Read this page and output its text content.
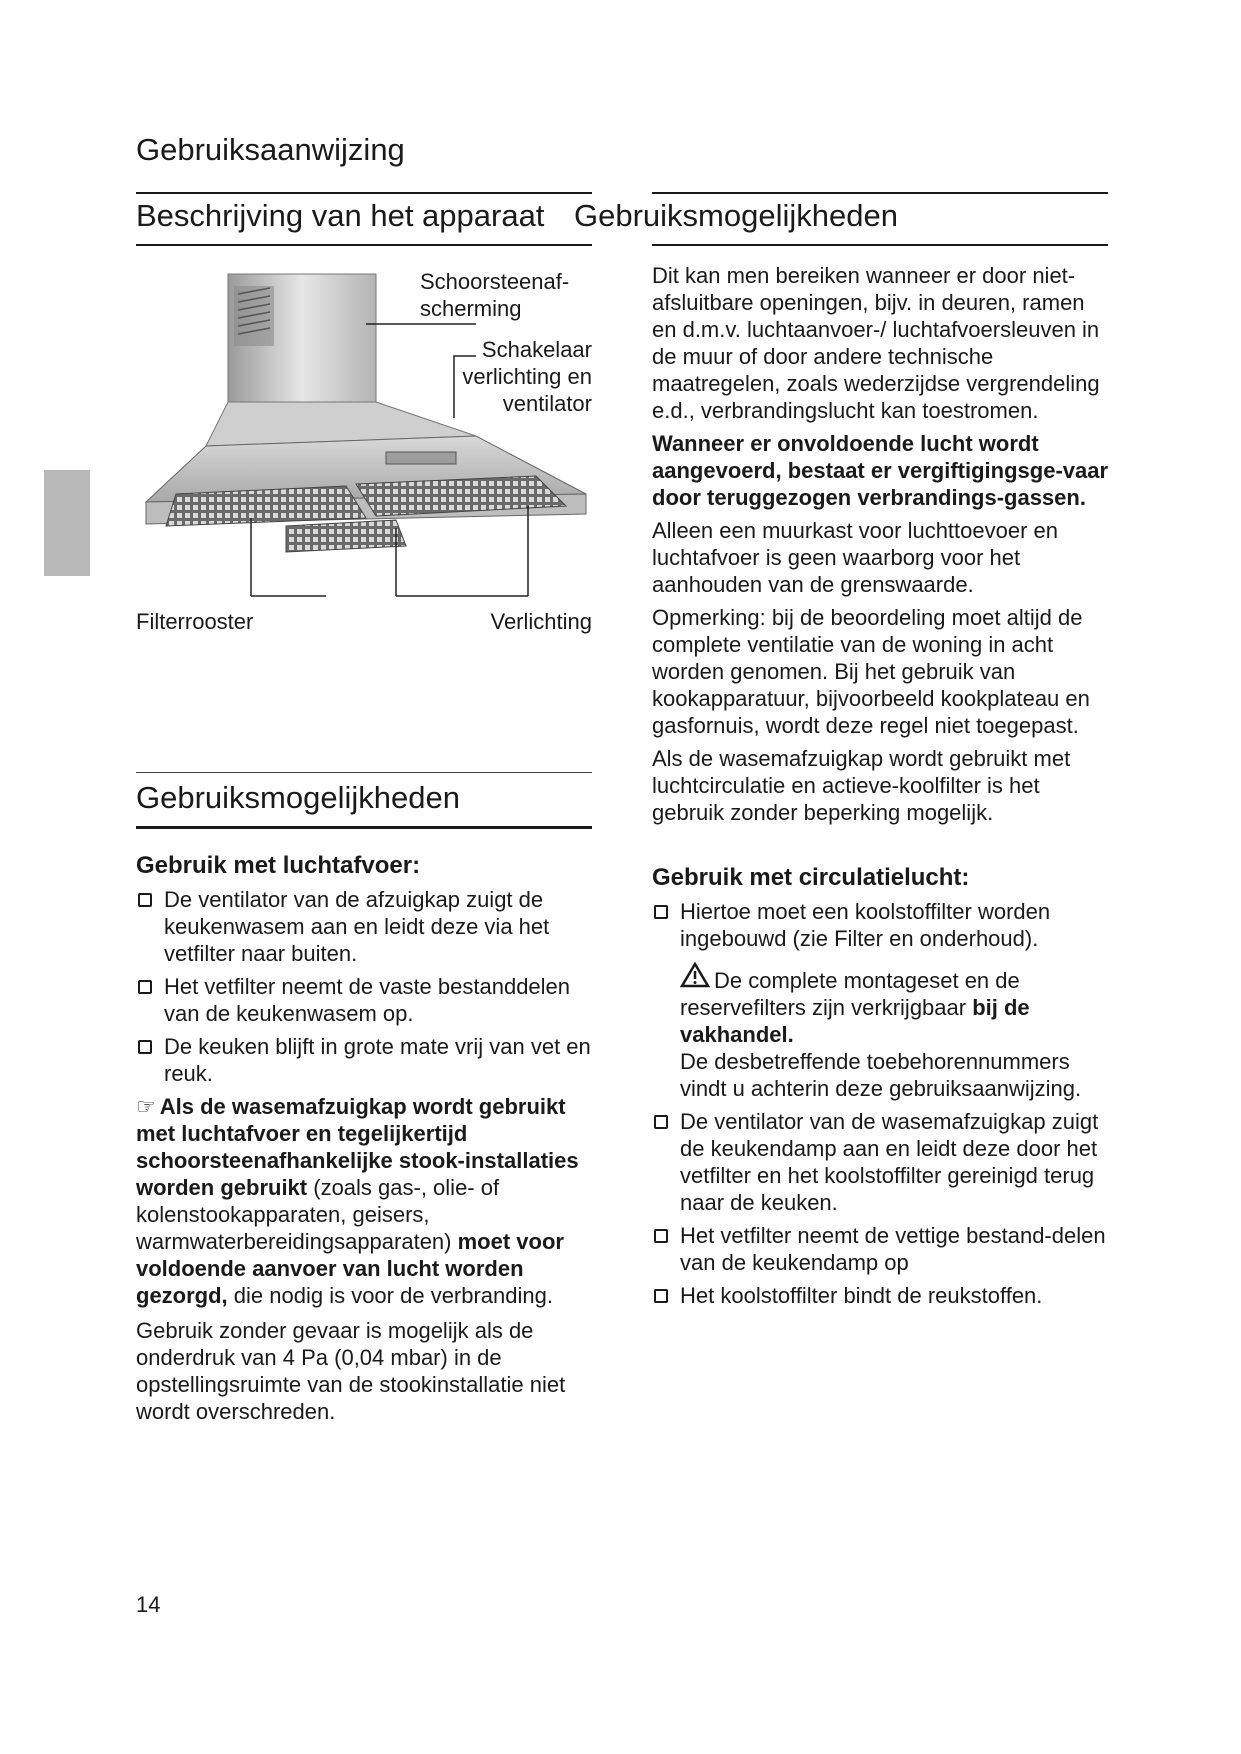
Gebruiksaanwijzing
Beschrijving van het apparaat Gebruiksmogelijkheden
Schoorsteenaf-
scherming
Schakelaar
verlichting en
ventilator
Filterrooster	Verlichting
Gebruiksmogelijkheden
Gebruik met luchtafvoer:
De ventilator van de afzuigkap zuigt de keukenwasem aan en leidt deze via het vetfilter naar buiten.
Het vetfilter neemt de vaste bestanddelen van de keukenwasem op.
De keuken blijft in grote mate vrij van vet en reuk.

☞ Als de wasemafzuigkap wordt gebruikt met luchtafvoer en tegelijkertijd schoorsteenafhankelijke stook-installaties worden gebruikt (zoals gas-, olie- of kolenstookapparaten, geisers, warmwaterbereidingsapparaten) moet voor voldoende aanvoer van lucht worden gezorgd, die nodig is voor de verbranding.

Gebruik zonder gevaar is mogelijk als de onderdruk van 4 Pa (0,04 mbar) in de opstellingsruimte van de stookinstallatie niet wordt overschreden.

Dit kan men bereiken wanneer er door niet-afsluitbare openingen, bijv. in deuren, ramen en d.m.v. luchtaanvoer-/ luchtafvoersleuven in de muur of door andere technische maatregelen, zoals wederzijdse vergrendeling e.d., verbrandingslucht kan toestromen.

Wanneer er onvoldoende lucht wordt aangevoerd, bestaat er vergiftigingsge-vaar door teruggezogen verbrandings-gassen.

Alleen een muurkast voor luchttoevoer en luchtafvoer is geen waarborg voor het aanhouden van de grenswaarde.

Opmerking: bij de beoordeling moet altijd de complete ventilatie van de woning in acht worden genomen. Bij het gebruik van kookapparatuur, bijvoorbeeld kookplateau en gasfornuis, wordt deze regel niet toegepast.

Als de wasemafzuigkap wordt gebruikt met luchtcirculatie en actieve-koolfilter is het gebruik zonder beperking mogelijk.

Gebruik met circulatielucht:
Hiertoe moet een koolstoffilter worden ingebouwd (zie Filter en onderhoud).

De complete montageset en de reservefilters zijn verkrijgbaar bij de vakhandel.

De desbetreffende toebehorennummers vindt u achterin deze gebruiksaanwijzing.

De ventilator van de wasemafzuigkap zuigt de keukendamp aan en leidt deze door het vetfilter en het koolstoffilter gereinigd terug naar de keuken.
Het vetfilter neemt de vettige bestand-delen van de keukendamp op
Het koolstoffilter bindt de reukstoffen.
14
